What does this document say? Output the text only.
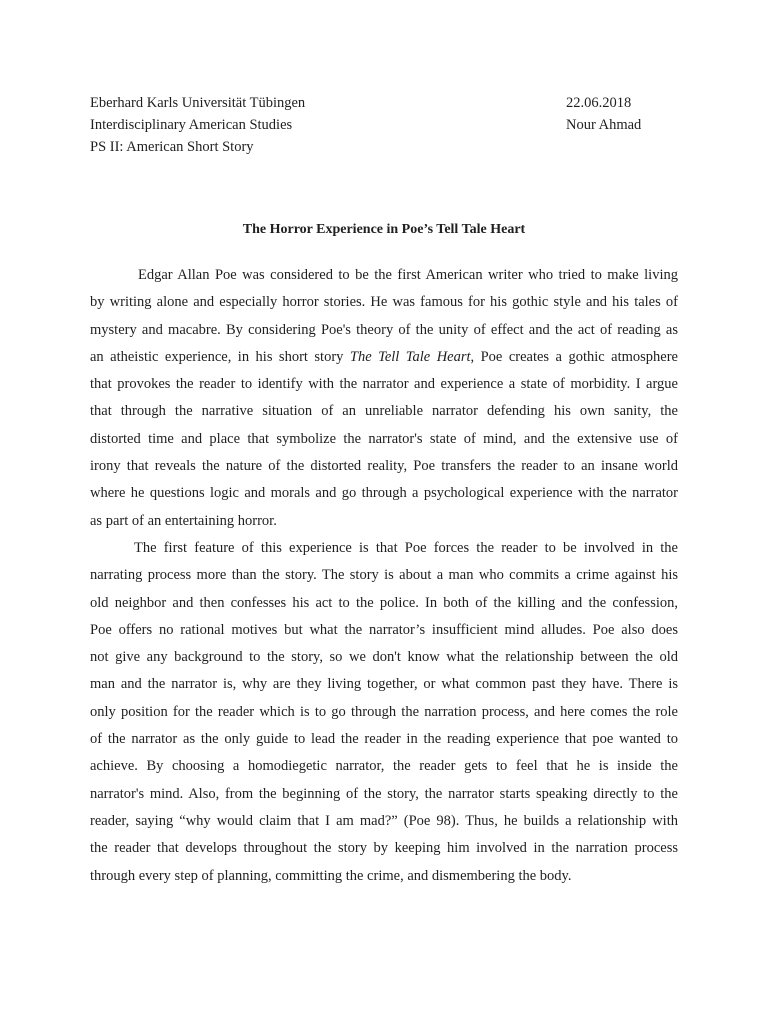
Eberhard Karls Universität Tübingen	22.06.2018
Interdisciplinary American Studies	Nour Ahmad
PS II: American Short Story
The Horror Experience in Poe’s Tell Tale Heart
Edgar Allan Poe was considered to be the first American writer who tried to make living
by writing alone and especially horror stories. He was famous for his gothic style and his tales of
mystery and macabre. By considering Poe's theory of the unity of effect and the act of reading as
an atheistic experience, in his short story The Tell Tale Heart, Poe creates a gothic atmosphere
that provokes the reader to identify with the narrator and experience a state of morbidity. I argue
that through the narrative situation of an unreliable narrator defending his own sanity, the
distorted time and place that symbolize the narrator's state of mind, and the extensive use of
irony that reveals the nature of the distorted reality, Poe transfers the reader to an insane world
where he questions logic and morals and go through a psychological experience with the narrator
as part of an entertaining horror.
The first feature of this experience is that Poe forces the reader to be involved in the
narrating process more than the story. The story is about a man who commits a crime against his
old neighbor and then confesses his act to the police. In both of the killing and the confession,
Poe offers no rational motives but what the narrator’s insufficient mind alludes. Poe also does
not give any background to the story, so we don't know what the relationship between the old
man and the narrator is, why are they living together, or what common past they have. There is
only position for the reader which is to go through the narration process, and here comes the role
of the narrator as the only guide to lead the reader in the reading experience that poe wanted to
achieve. By choosing a homodiegetic narrator, the reader gets to feel that he is inside the
narrator's mind. Also, from the beginning of the story, the narrator starts speaking directly to the
reader, saying “why would claim that I am mad?” (Poe 98). Thus, he builds a relationship with
the reader that develops throughout the story by keeping him involved in the narration process
through every step of planning, committing the crime, and dismembering the body.
